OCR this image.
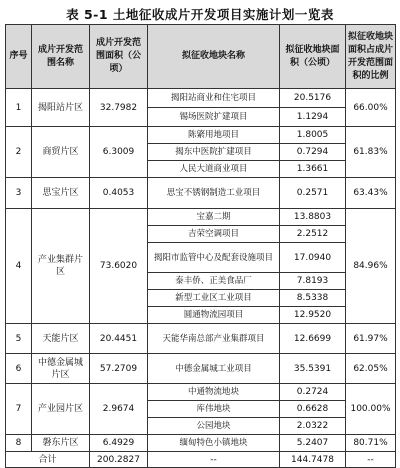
表 5-1 土地征收成片开发项目实施计划一览表
序号	成片开发范围名称	成片开发范围面积（公顷）	拟征收地块名称	拟征收地块面积（公顷）	拟征收地块面积占成片开发范围面积的比例
1	揭阳站片区	32.7982	揭阳站商业和住宅项目	20.5176	66.00%
			锡场医院扩建项目	1.1294	
2	商贸片区	6.3009	陈綮用地项目	1.8005	61.83%
			揭东中医院扩建项目	0.7294	
			人民大道商业项目	1.3661	
3	思宝片区	0.4053	思宝不锈钢制造工业项目	0.2571	63.43%
4	产业集群片区	73.6020	宝嘉二期	13.8803	84.96%
			吉荣空调项目	2.2512	
			揭阳市监管中心及配套设施项目	17.0940	
			泰丰侨、正美食品厂	7.8193	
			新型工业区工业项目	8.5338	
			圆通物流园项目	12.9520	
5	天能片区	20.4451	天能华南总部产业集群项目	12.6699	61.97%
6	中德金属城片区	57.2709	中德金属城工业项目	35.5391	62.05%
7	产业园片区	2.9674	中通物流地块	0.2724	100.00%
			库伟地块	0.6628	
			公园地块	2.0322	
8	磐东片区	6.4929	缅甸特色小镇地块	5.2407	80.71%
合计		200.2827	--	144.7478	--
